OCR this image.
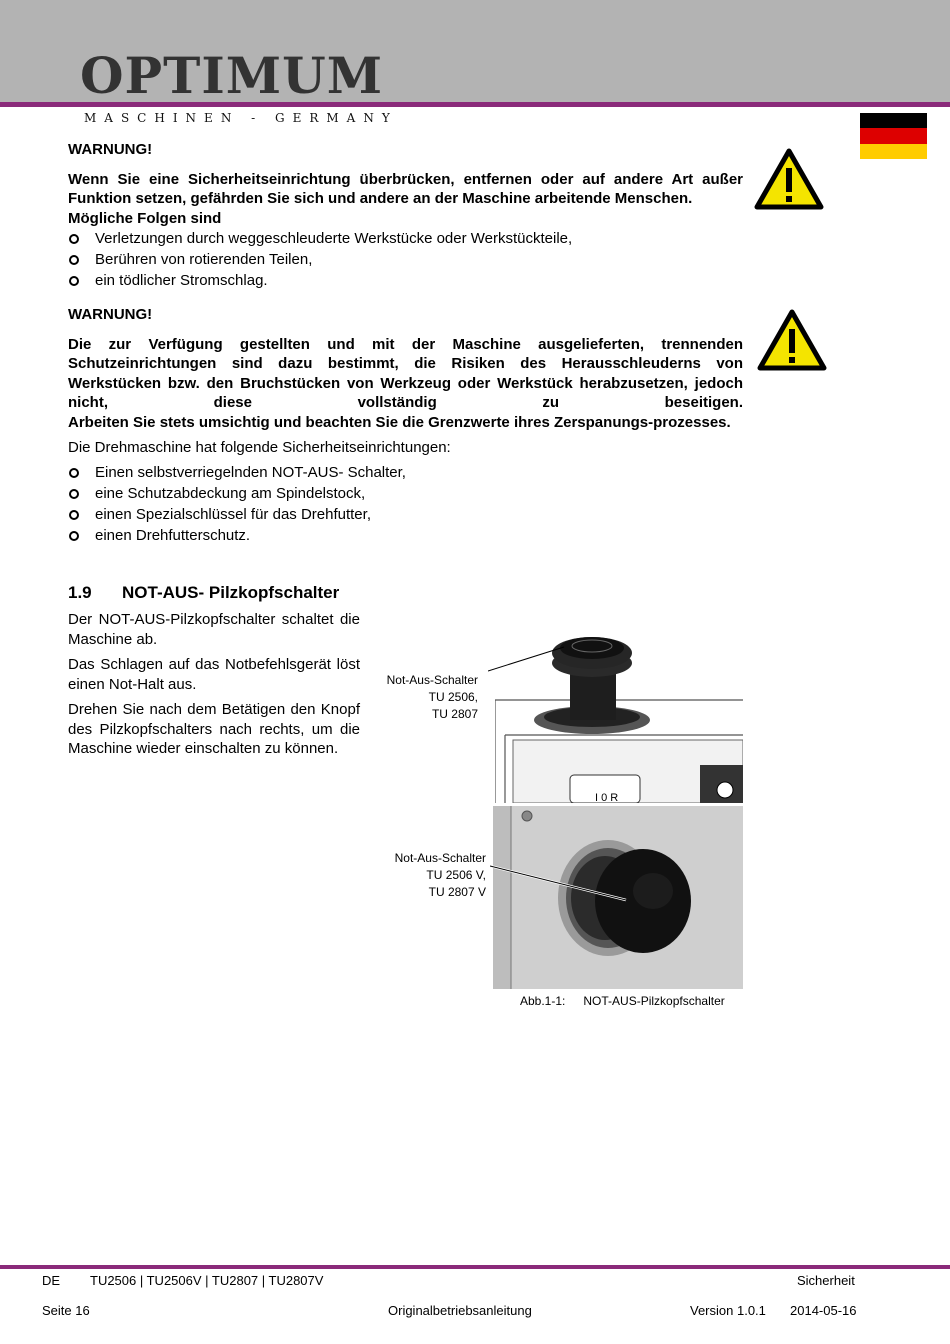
OPTIMUM
MASCHINEN - GERMANY
WARNUNG!

Wenn Sie eine Sicherheitseinrichtung überbrücken, entfernen oder auf andere Art außer Funktion setzen, gefährden Sie sich und andere an der Maschine arbeitende Menschen.

Mögliche Folgen sind

Verletzungen durch weggeschleuderte Werkstücke oder Werkstückteile,
Berühren von rotierenden Teilen,
ein tödlicher Stromschlag.
WARNUNG!

Die zur Verfügung gestellten und mit der Maschine ausgelieferten, trennenden Schutzeinrichtungen sind dazu bestimmt, die Risiken des Herausschleuderns von Werkstücken bzw. den Bruchstücken von Werkzeug oder Werkstück herabzusetzen, jedoch nicht, diese vollständig zu beseitigen.

Arbeiten Sie stets umsichtig und beachten Sie die Grenzwerte ihres Zerspanungs-prozesses.

Die Drehmaschine hat folgende Sicherheitseinrichtungen:
Einen selbstverriegelnden NOT-AUS- Schalter,
eine Schutzabdeckung am Spindelstock,
einen Spezialschlüssel für das Drehfutter,
einen Drehfutterschutz.
1.9 NOT-AUS- Pilzkopfschalter

Der NOT-AUS-Pilzkopfschalter schaltet die Maschine ab.

Das Schlagen auf das Notbefehlsgerät löst einen Not-Halt aus.

Drehen Sie nach dem Betätigen den Knopf des Pilzkopfschalters nach rechts, um die Maschine wieder einschalten zu können.

I 0 R
Not-Aus-Schalter
TU 2506,
TU 2807
Not-Aus-Schalter
TU 2506 V,
TU 2807 V
Abb.1-1: NOT-AUS-Pilzkopfschalter
DE TU2506 | TU2506V | TU2807 | TU2807V	Sicherheit
Seite 16	Originalbetriebsanleitung	Version 1.0.1 2014-05-16
